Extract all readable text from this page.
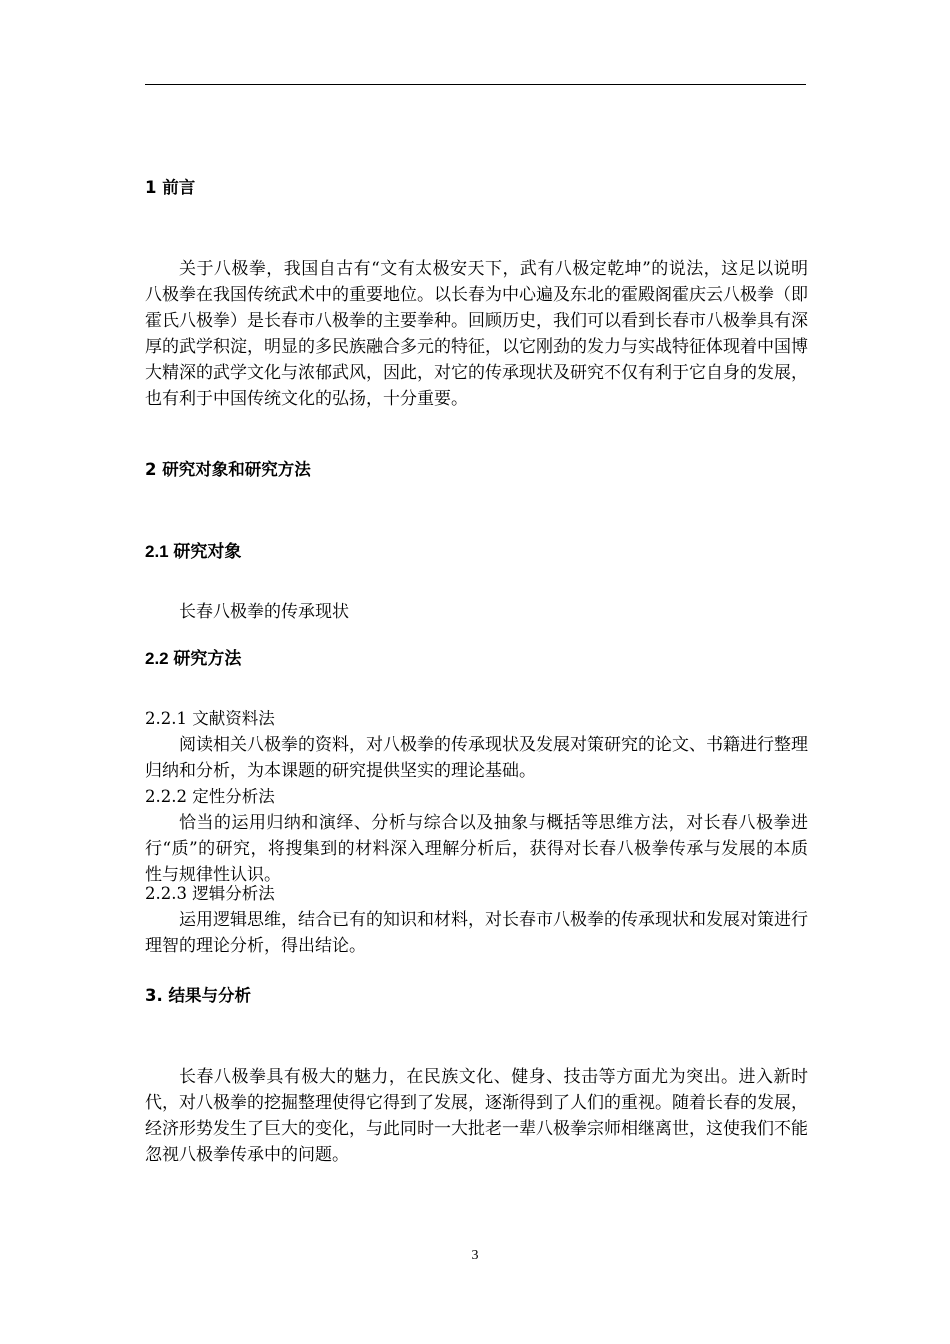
1 前言
关于八极拳，我国自古有“文有太极安天下，武有八极定乾坤”的说法，这足以说明八极拳在我国传统武术中的重要地位。以长春为中心遍及东北的霍殿阁霍庆云八极拳（即霍氏八极拳）是长春市八极拳的主要拳种。回顾历史，我们可以看到长春市八极拳具有深厚的武学积淀，明显的多民族融合多元的特征，以它刚劲的发力与实战特征体现着中国博大精深的武学文化与浓郁武风，因此，对它的传承现状及研究不仅有利于它自身的发展，也有利于中国传统文化的弘扬，十分重要。
2 研究对象和研究方法
2.1 研究对象
长春八极拳的传承现状
2.2 研究方法
2.2.1 文献资料法
阅读相关八极拳的资料，对八极拳的传承现状及发展对策研究的论文、书籍进行整理归纳和分析，为本课题的研究提供坚实的理论基础。
2.2.2 定性分析法
恰当的运用归纳和演绎、分析与综合以及抽象与概括等思维方法，对长春八极拳进行“质”的研究，将搜集到的材料深入理解分析后，获得对长春八极拳传承与发展的本质性与规律性认识。
2.2.3 逻辑分析法
运用逻辑思维，结合已有的知识和材料，对长春市八极拳的传承现状和发展对策进行理智的理论分析，得出结论。
3. 结果与分析
长春八极拳具有极大的魅力，在民族文化、健身、技击等方面尤为突出。进入新时代，对八极拳的挖掘整理使得它得到了发展，逐渐得到了人们的重视。随着长春的发展，经济形势发生了巨大的变化，与此同时一大批老一辈八极拳宗师相继离世，这使我们不能忽视八极拳传承中的问题。
3
